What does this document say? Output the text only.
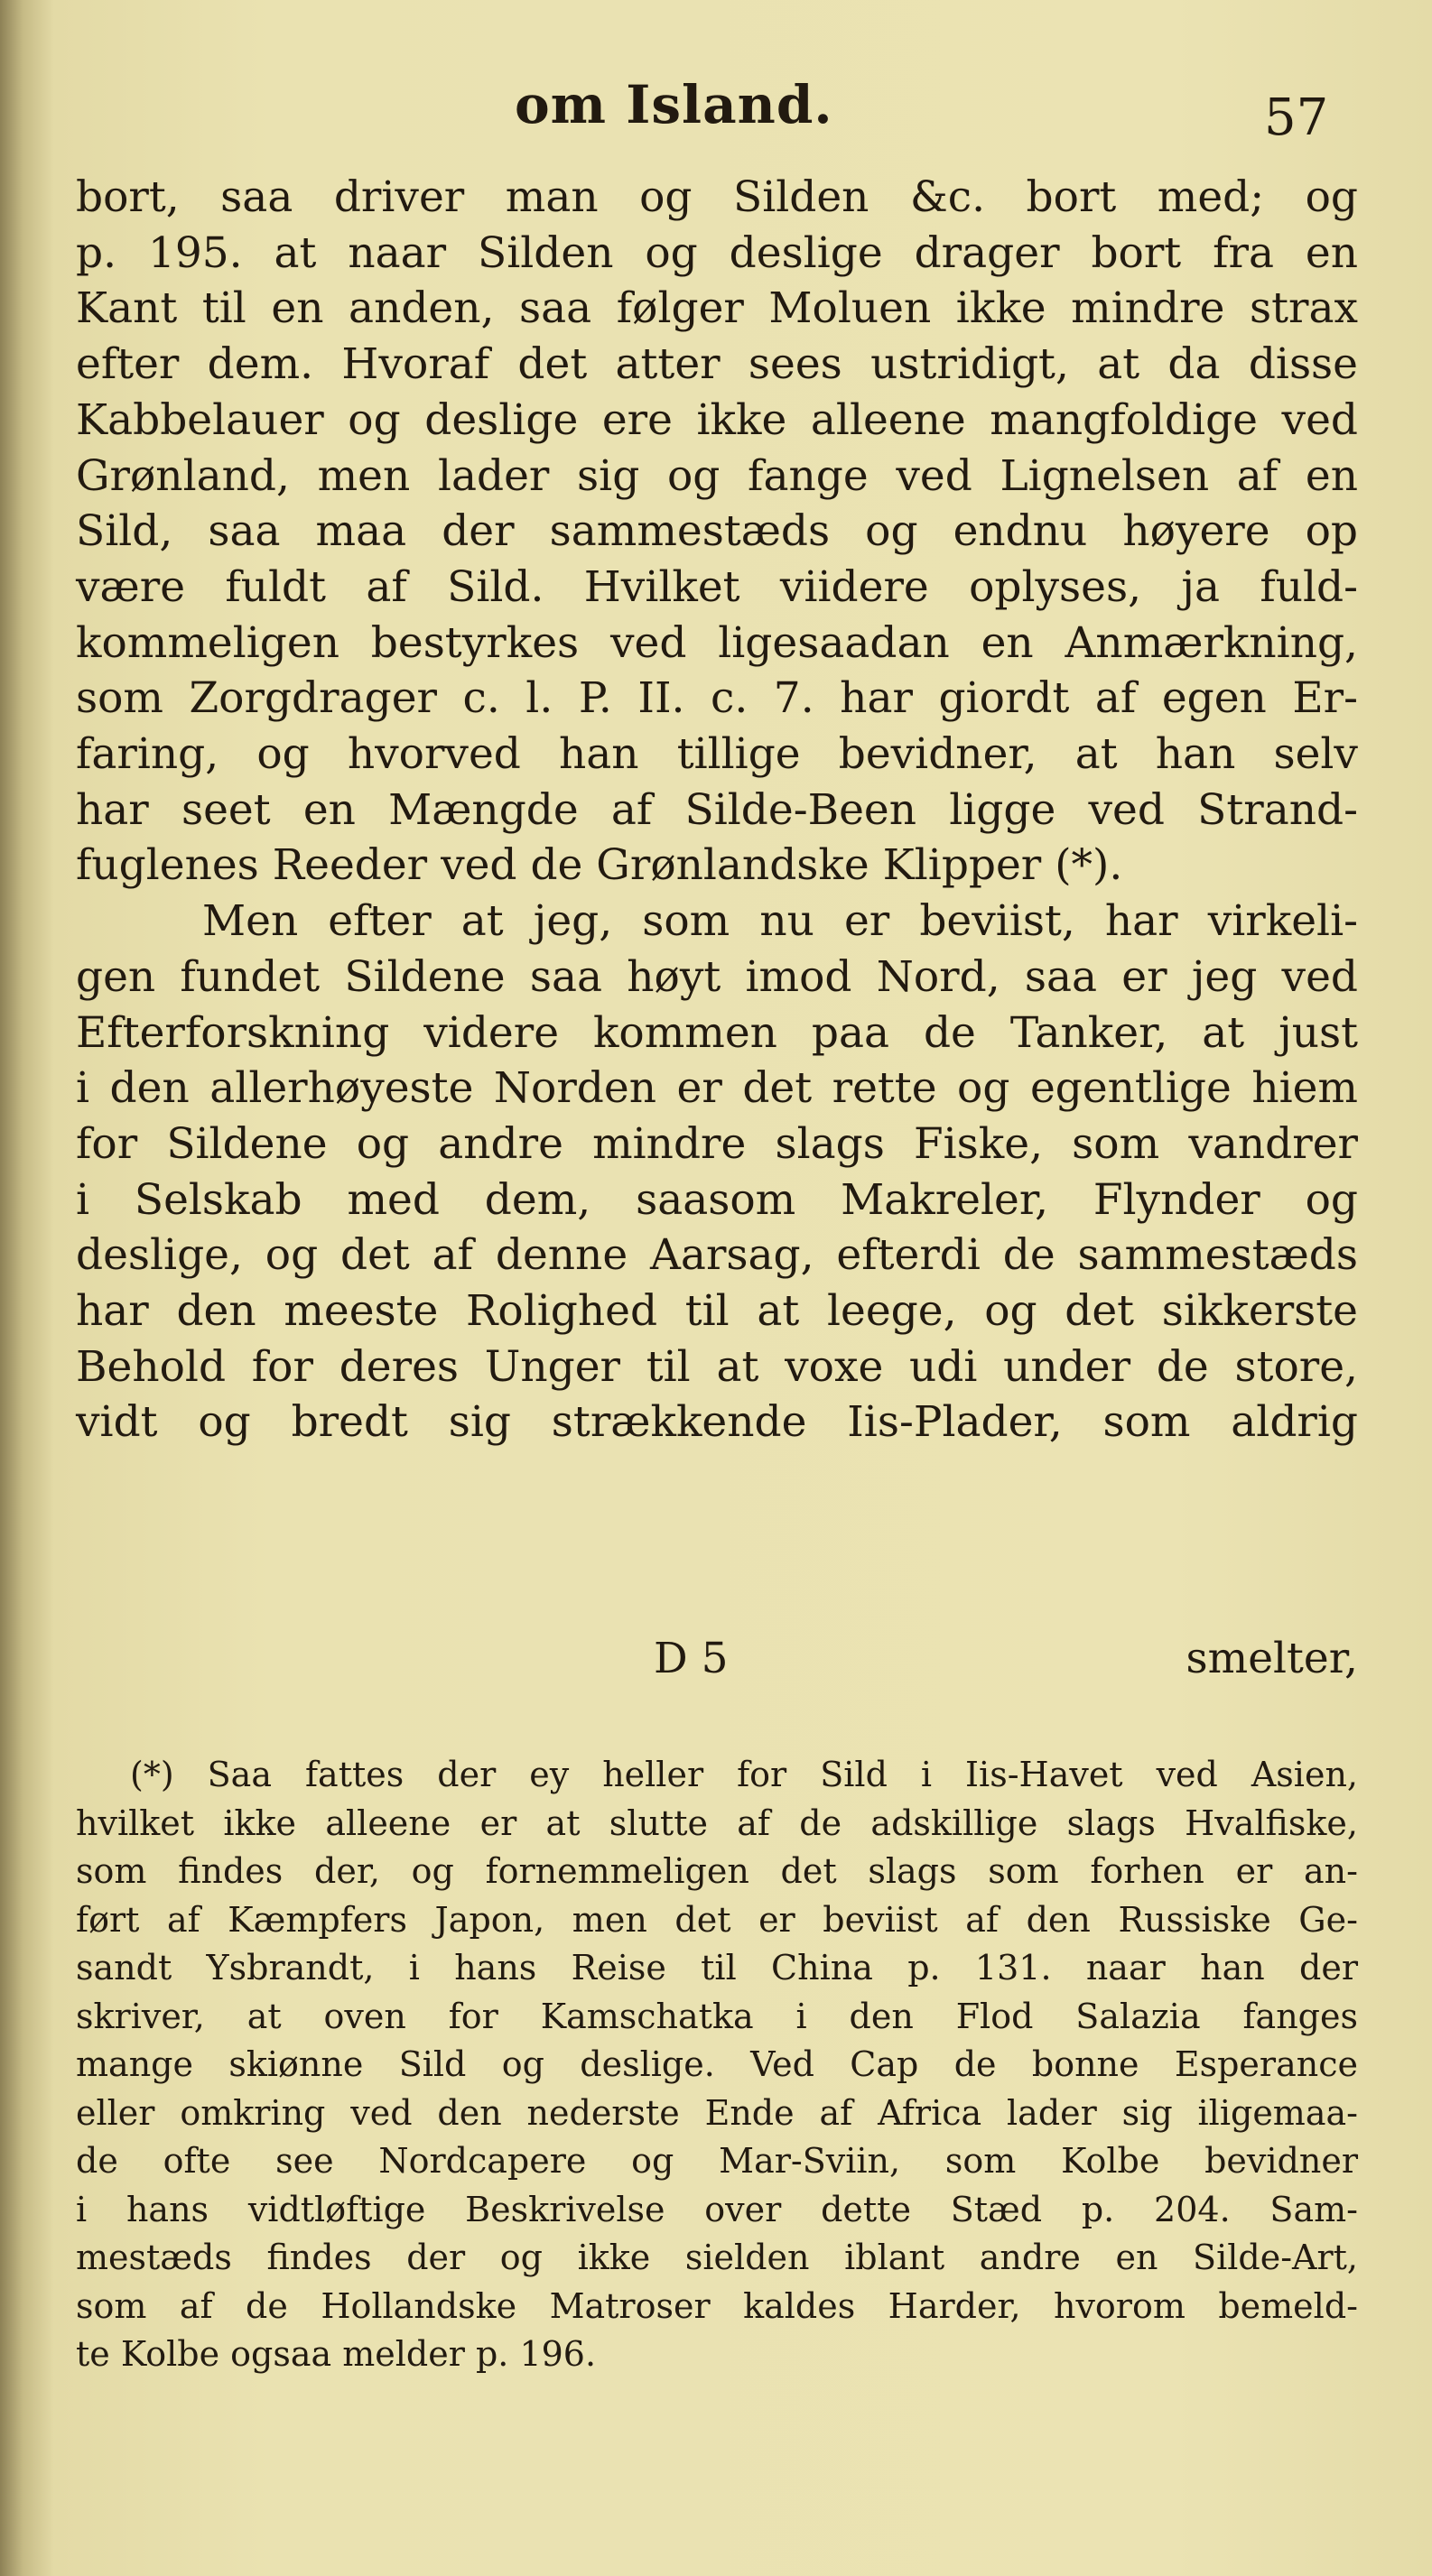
om Island.	57
bort, saa driver man og Silden &c. bort med; og
p. 195. at naar Silden og deslige drager bort fra en
Kant til en anden, saa følger Moluen ikke mindre strax
efter dem. Hvoraf det atter sees ustridigt, at da disse
Kabbelauer og deslige ere ikke alleene mangfoldige ved
Grønland, men lader sig og fange ved Lignelsen af en
Sild, saa maa der sammestæds og endnu høyere op
være fuldt af Sild. Hvilket viidere oplyses, ja fuld-
kommeligen bestyrkes ved ligesaadan en Anmærkning,
som Zorgdrager c. l. P. II. c. 7. har giordt af egen Er-
faring, og hvorved han tillige bevidner, at han selv
har seet en Mængde af Silde-Been ligge ved Strand-
fuglenes Reeder ved de Grønlandske Klipper (*).
Men efter at jeg, som nu er beviist, har virkeli-
gen fundet Sildene saa høyt imod Nord, saa er jeg ved
Efterforskning videre kommen paa de Tanker, at just
i den allerhøyeste Norden er det rette og egentlige hiem
for Sildene og andre mindre slags Fiske, som vandrer
i Selskab med dem, saasom Makreler, Flynder og
deslige, og det af denne Aarsag, efterdi de sammestæds
har den meeste Rolighed til at leege, og det sikkerste
Behold for deres Unger til at voxe udi under de store,
vidt og bredt sig strækkende Iis-Plader, som aldrig
D 5	smelter,
(*) Saa fattes der ey heller for Sild i Iis-Havet ved Asien,
hvilket ikke alleene er at slutte af de adskillige slags Hvalfiske,
som findes der, og fornemmeligen det slags som forhen er an-
ført af Kæmpfers Japon, men det er beviist af den Russiske Ge-
sandt Ysbrandt, i hans Reise til China p. 131. naar han der
skriver, at oven for Kamschatka i den Flod Salazia fanges
mange skiønne Sild og deslige. Ved Cap de bonne Esperance
eller omkring ved den nederste Ende af Africa lader sig iligemaa-
de ofte see Nordcapere og Mar-Sviin, som Kolbe bevidner
i hans vidtløftige Beskrivelse over dette Stæd p. 204. Sam-
mestæds findes der og ikke sielden iblant andre en Silde-Art,
som af de Hollandske Matroser kaldes Harder, hvorom bemeld-
te Kolbe ogsaa melder p. 196.
